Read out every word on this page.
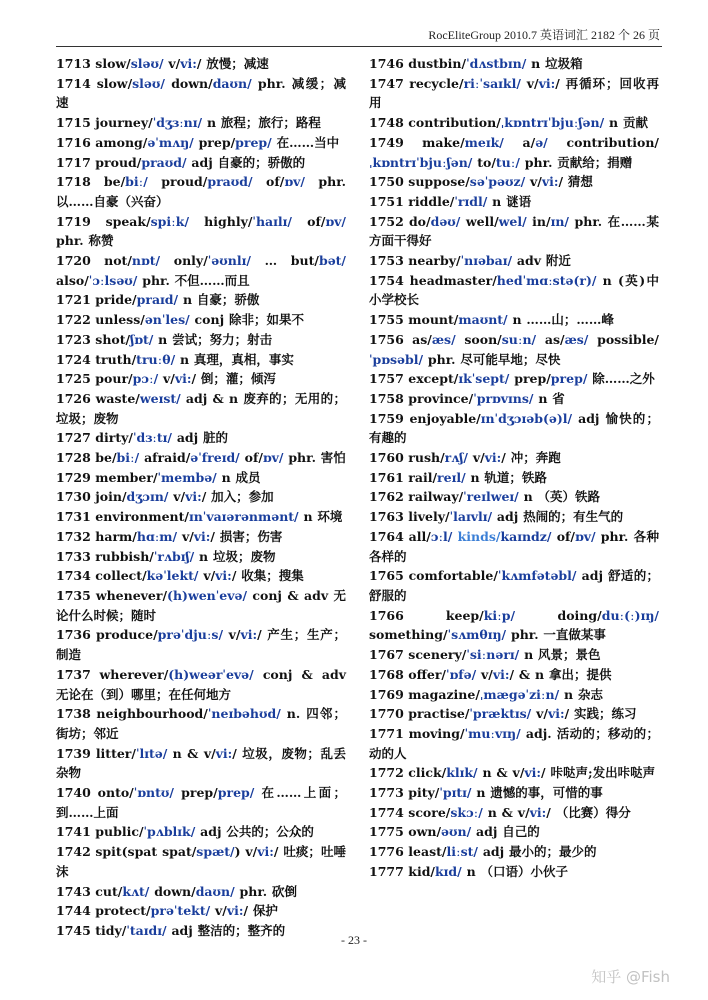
RocEliteGroup 2010.7 英语词汇 2182 个 26 页
1713 slow/sləʊ/ v/vi:/ 放慢；减速
1714 slow/sləʊ/ down/daʊn/ phr. 减缓；减速
1715 journey/ˈdʒɜːnɪ/ n 旅程；旅行；路程
1716 among/əˈmʌŋ/ prep/prep/ 在……当中
1717 proud/praʊd/ adj 自豪的；骄傲的
1718 be/biː/ proud/praʊd/ of/ɒv/ phr. 以……自豪（兴奋）
1719 speak/spiːk/ highly/ˈhaɪlɪ/ of/ɒv/ phr. 称赞
1720 not/nɒt/ only/ˈəʊnlɪ/ … but/bət/ also/ˈɔːlsəʊ/ phr. 不但……而且
1721 pride/praɪd/ n 自豪；骄傲
1722 unless/ənˈles/ conj 除非；如果不
1723 shot/ʃɒt/ n 尝试；努力；射击
1724 truth/truːθ/ n 真理，真相，事实
1725 pour/pɔː/ v/vi:/ 倒；灌；倾泻
1726 waste/weɪst/ adj & n 废弃的；无用的；垃圾；废物
1727 dirty/ˈdɜːtɪ/ adj 脏的
1728 be/biː/ afraid/əˈfreɪd/ of/ɒv/ phr. 害怕
1729 member/ˈmembə/ n 成员
1730 join/dʒɔɪn/ v/vi:/ 加入；参加
1731 environment/ɪnˈvaɪərənmənt/ n 环境
1732 harm/hɑːm/ v/vi:/ 损害；伤害
1733 rubbish/ˈrʌbɪʃ/ n 垃圾；废物
1734 collect/kəˈlekt/ v/vi:/ 收集；搜集
1735 whenever/(h)wenˈevə/ conj & adv 无论什么时候；随时
1736 produce/prəˈdjuːs/ v/vi:/ 产生；生产；制造
1737 wherever/(h)weərˈevə/ conj & adv 无论在（到）哪里；在任何地方
1738 neighbourhood/ˈneɪbəhʊd/ n. 四邻；街坊；邻近
1739 litter/ˈlɪtə/ n & v/vi:/ 垃圾，废物；乱丢杂物
1740 onto/ˈɒntʊ/ prep/prep/ 在……上面；到……上面
1741 public/ˈpʌblɪk/ adj 公共的；公众的
1742 spit(spat spat/spæt/) v/vi:/ 吐痰；吐唾沫
1743 cut/kʌt/ down/daʊn/ phr. 砍倒
1744 protect/prəˈtekt/ v/vi:/ 保护
1745 tidy/ˈtaɪdɪ/ adj 整洁的；整齐的
1746 dustbin/ˈdʌstbɪn/ n 垃圾箱
1747 recycle/riːˈsaɪkl/ v/vi:/ 再循环；回收再用
1748 contribution/ˌkɒntrɪˈbjuːʃən/ n 贡献
1749 make/meɪk/ a/ə/ contribution/ˌkɒntrɪˈbjuːʃən/ to/tuː/ phr. 贡献给；捐赠
1750 suppose/səˈpəʊz/ v/vi:/ 猜想
1751 riddle/ˈrɪdl/ n 谜语
1752 do/dəʊ/ well/wel/ in/ɪn/ phr. 在……某方面干得好
1753 nearby/ˈnɪəbaɪ/ adv 附近
1754 headmaster/hedˈmɑːstə(r)/ n (英)中小学校长
1755 mount/maʊnt/ n ……山；……峰
1756 as/æs/ soon/suːn/ as/æs/ possible/ˈpɒsəbl/ phr. 尽可能早地；尽快
1757 except/ɪkˈsept/ prep/prep/ 除……之外
1758 province/ˈprɒvɪns/ n 省
1759 enjoyable/ɪnˈdʒɔɪəb(ə)l/ adj 愉快的；有趣的
1760 rush/rʌʃ/ v/vi:/ 冲；奔跑
1761 rail/reɪl/ n 轨道；铁路
1762 railway/ˈreɪlweɪ/ n （英）铁路
1763 lively/ˈlaɪvlɪ/ adj 热闹的；有生气的
1764 all/ɔːl/ kinds/kaɪndz/ of/ɒv/ phr. 各种各样的
1765 comfortable/ˈkʌmfətəbl/ adj 舒适的；舒服的
1766	keep/kiːp/ doing/duː(ː)ɪŋ/ something/ˈsʌmθɪŋ/ phr. 一直做某事
1767 scenery/ˈsiːnərɪ/ n 风景；景色
1768 offer/ˈɒfə/ v/vi:/ & n 拿出；提供
1769 magazine/ˌmægəˈziːn/ n 杂志
1770 practise/ˈpræktɪs/ v/vi:/ 实践；练习
1771 moving/ˈmuːvɪŋ/ adj. 活动的；移动的；动的人
1772 click/klɪk/ n & v/vi:/ 咔哒声;发出咔哒声
1773 pity/ˈpɪtɪ/ n 遗憾的事，可惜的事
1774 score/skɔː/ n & v/vi:/ （比赛）得分
1775 own/əʊn/ adj 自己的
1776 least/liːst/ adj 最小的；最少的
1777 kid/kɪd/ n （口语）小伙子
- 23 -
知乎 @Fish
